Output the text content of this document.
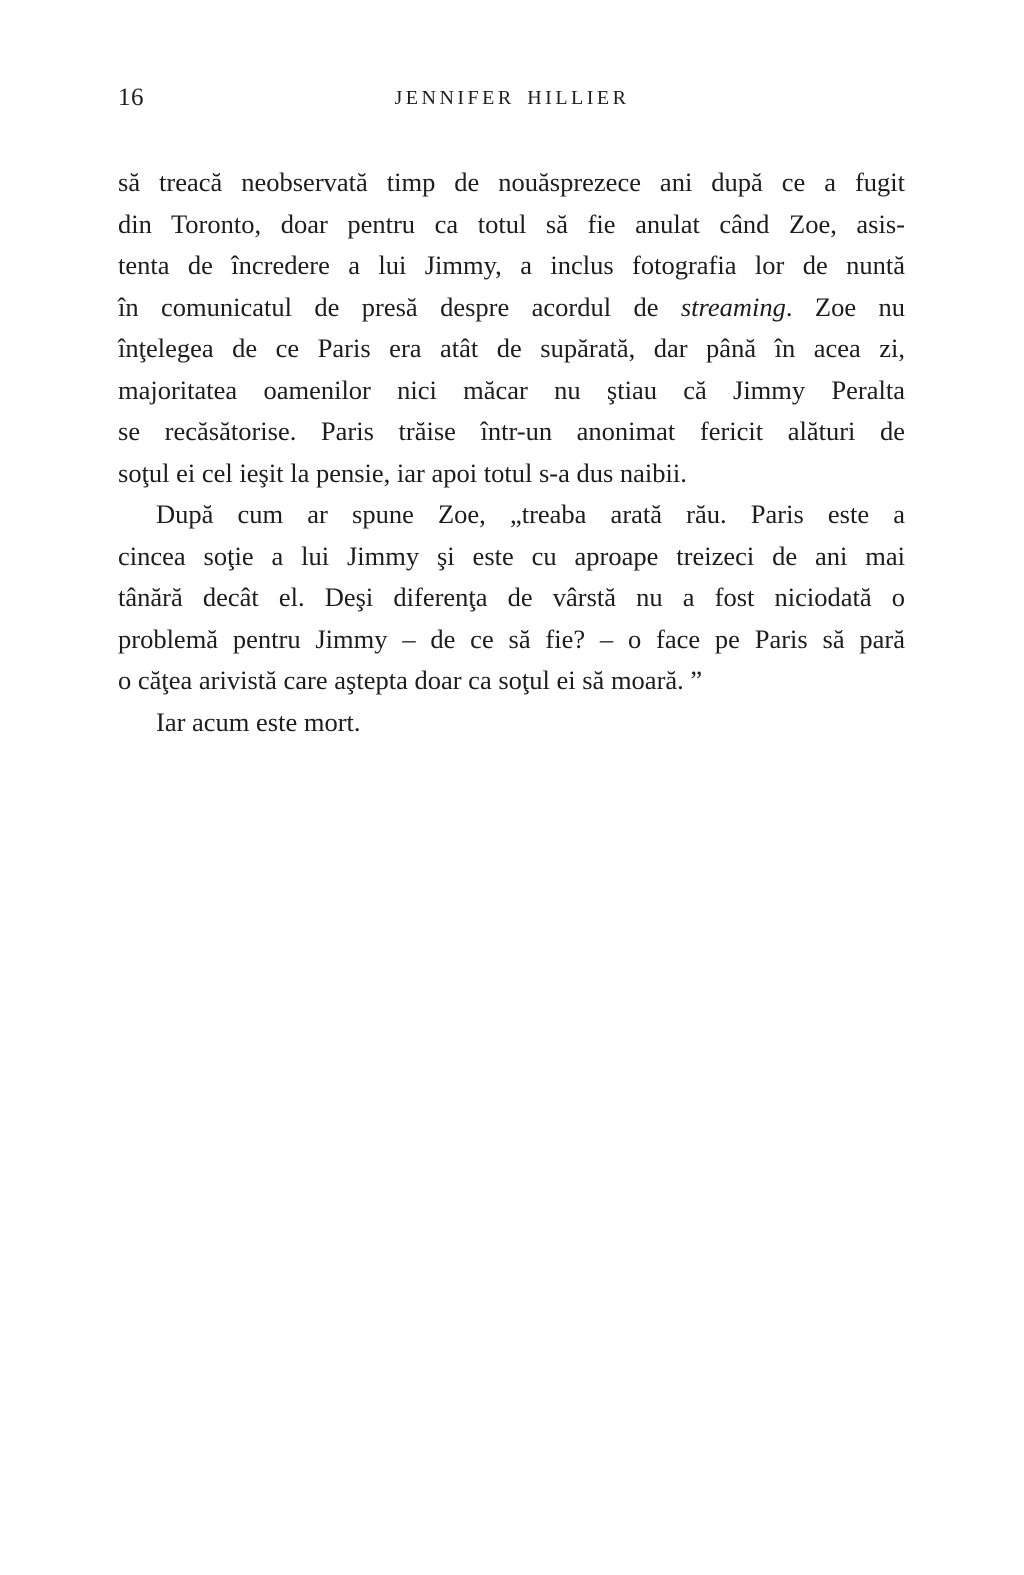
16	JENNIFER HILLIER

să treacă neobservată timp de nouăsprezece ani după ce a fugit
din Toronto, doar pentru ca totul să fie anulat când Zoe, asis-
tenta de încredere a lui Jimmy, a inclus fotografia lor de nuntă
în comunicatul de presă despre acordul de streaming. Zoe nu
înţelegea de ce Paris era atât de supărată, dar până în acea zi,
majoritatea oamenilor nici măcar nu ştiau că Jimmy Peralta
se recăsătorise. Paris trăise într-un anonimat fericit alături de
soţul ei cel ieşit la pensie, iar apoi totul s-a dus naibii.

După cum ar spune Zoe, „treaba arată rău. Paris este a
cincea soţie a lui Jimmy şi este cu aproape treizeci de ani mai
tânără decât el. Deşi diferenţa de vârstă nu a fost niciodată o
problemă pentru Jimmy – de ce să fie? – o face pe Paris să pară
o căţea arivistă care aştepta doar ca soţul ei să moară. ”

Iar acum este mort.
